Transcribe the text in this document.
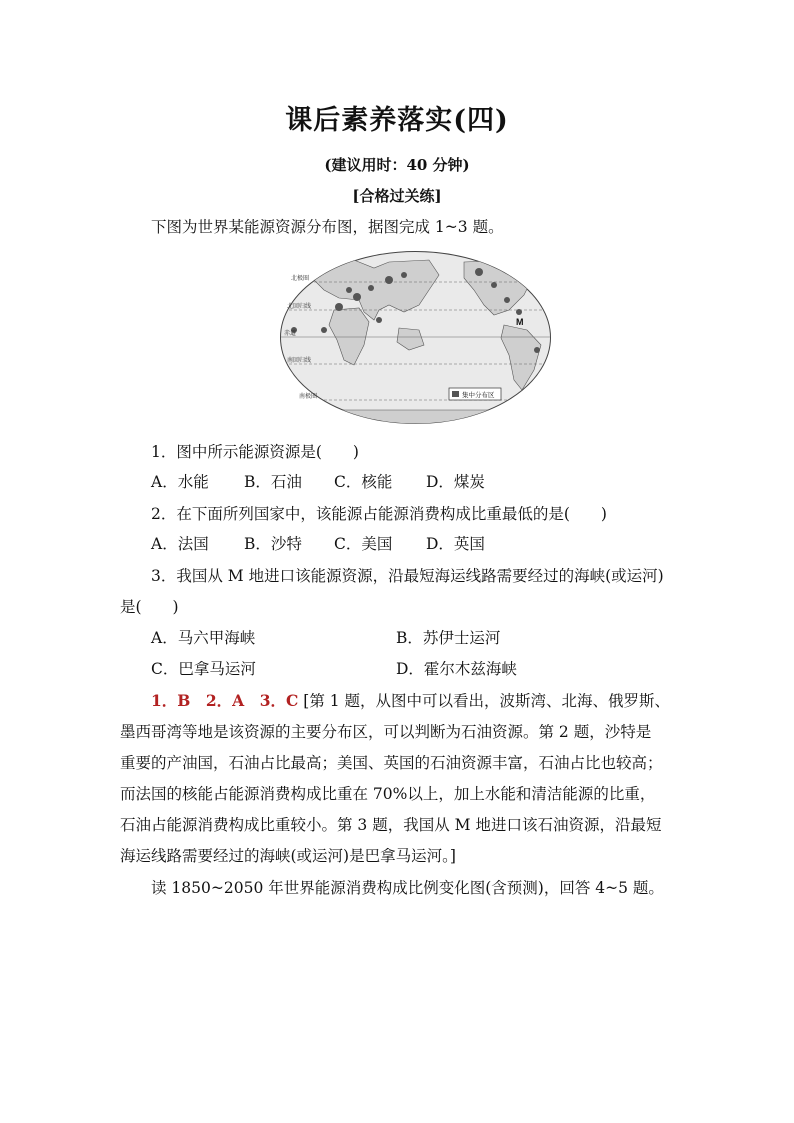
课后素养落实(四)
(建议用时：40 分钟)
[合格过关练]
下图为世界某能源资源分布图，据图完成 1~3 题。
M
北极圈
北回归线
赤道
南回归线
南极圈	集中分布区
1．图中所示能源资源是(　　)
A．水能 B．石油 C．核能 D．煤炭
2．在下面所列国家中，该能源占能源消费构成比重最低的是(　　)
A．法国 B．沙特 C．美国 D．英国
3．我国从 M 地进口该能源资源，沿最短海运线路需要经过的海峡(或运河)
是(　　)
A．马六甲海峡	B．苏伊士运河
C．巴拿马运河	D．霍尔木兹海峡
1．B　2．A　3．C [第 1 题，从图中可以看出，波斯湾、北海、俄罗斯、
墨西哥湾等地是该资源的主要分布区，可以判断为石油资源。第 2 题，沙特是
重要的产油国，石油占比最高；美国、英国的石油资源丰富，石油占比也较高；
而法国的核能占能源消费构成比重在 70%以上，加上水能和清洁能源的比重，
石油占能源消费构成比重较小。第 3 题，我国从 M 地进口该石油资源，沿最短
海运线路需要经过的海峡(或运河)是巴拿马运河。]
读 1850~2050 年世界能源消费构成比例变化图(含预测)，回答 4~5 题。
